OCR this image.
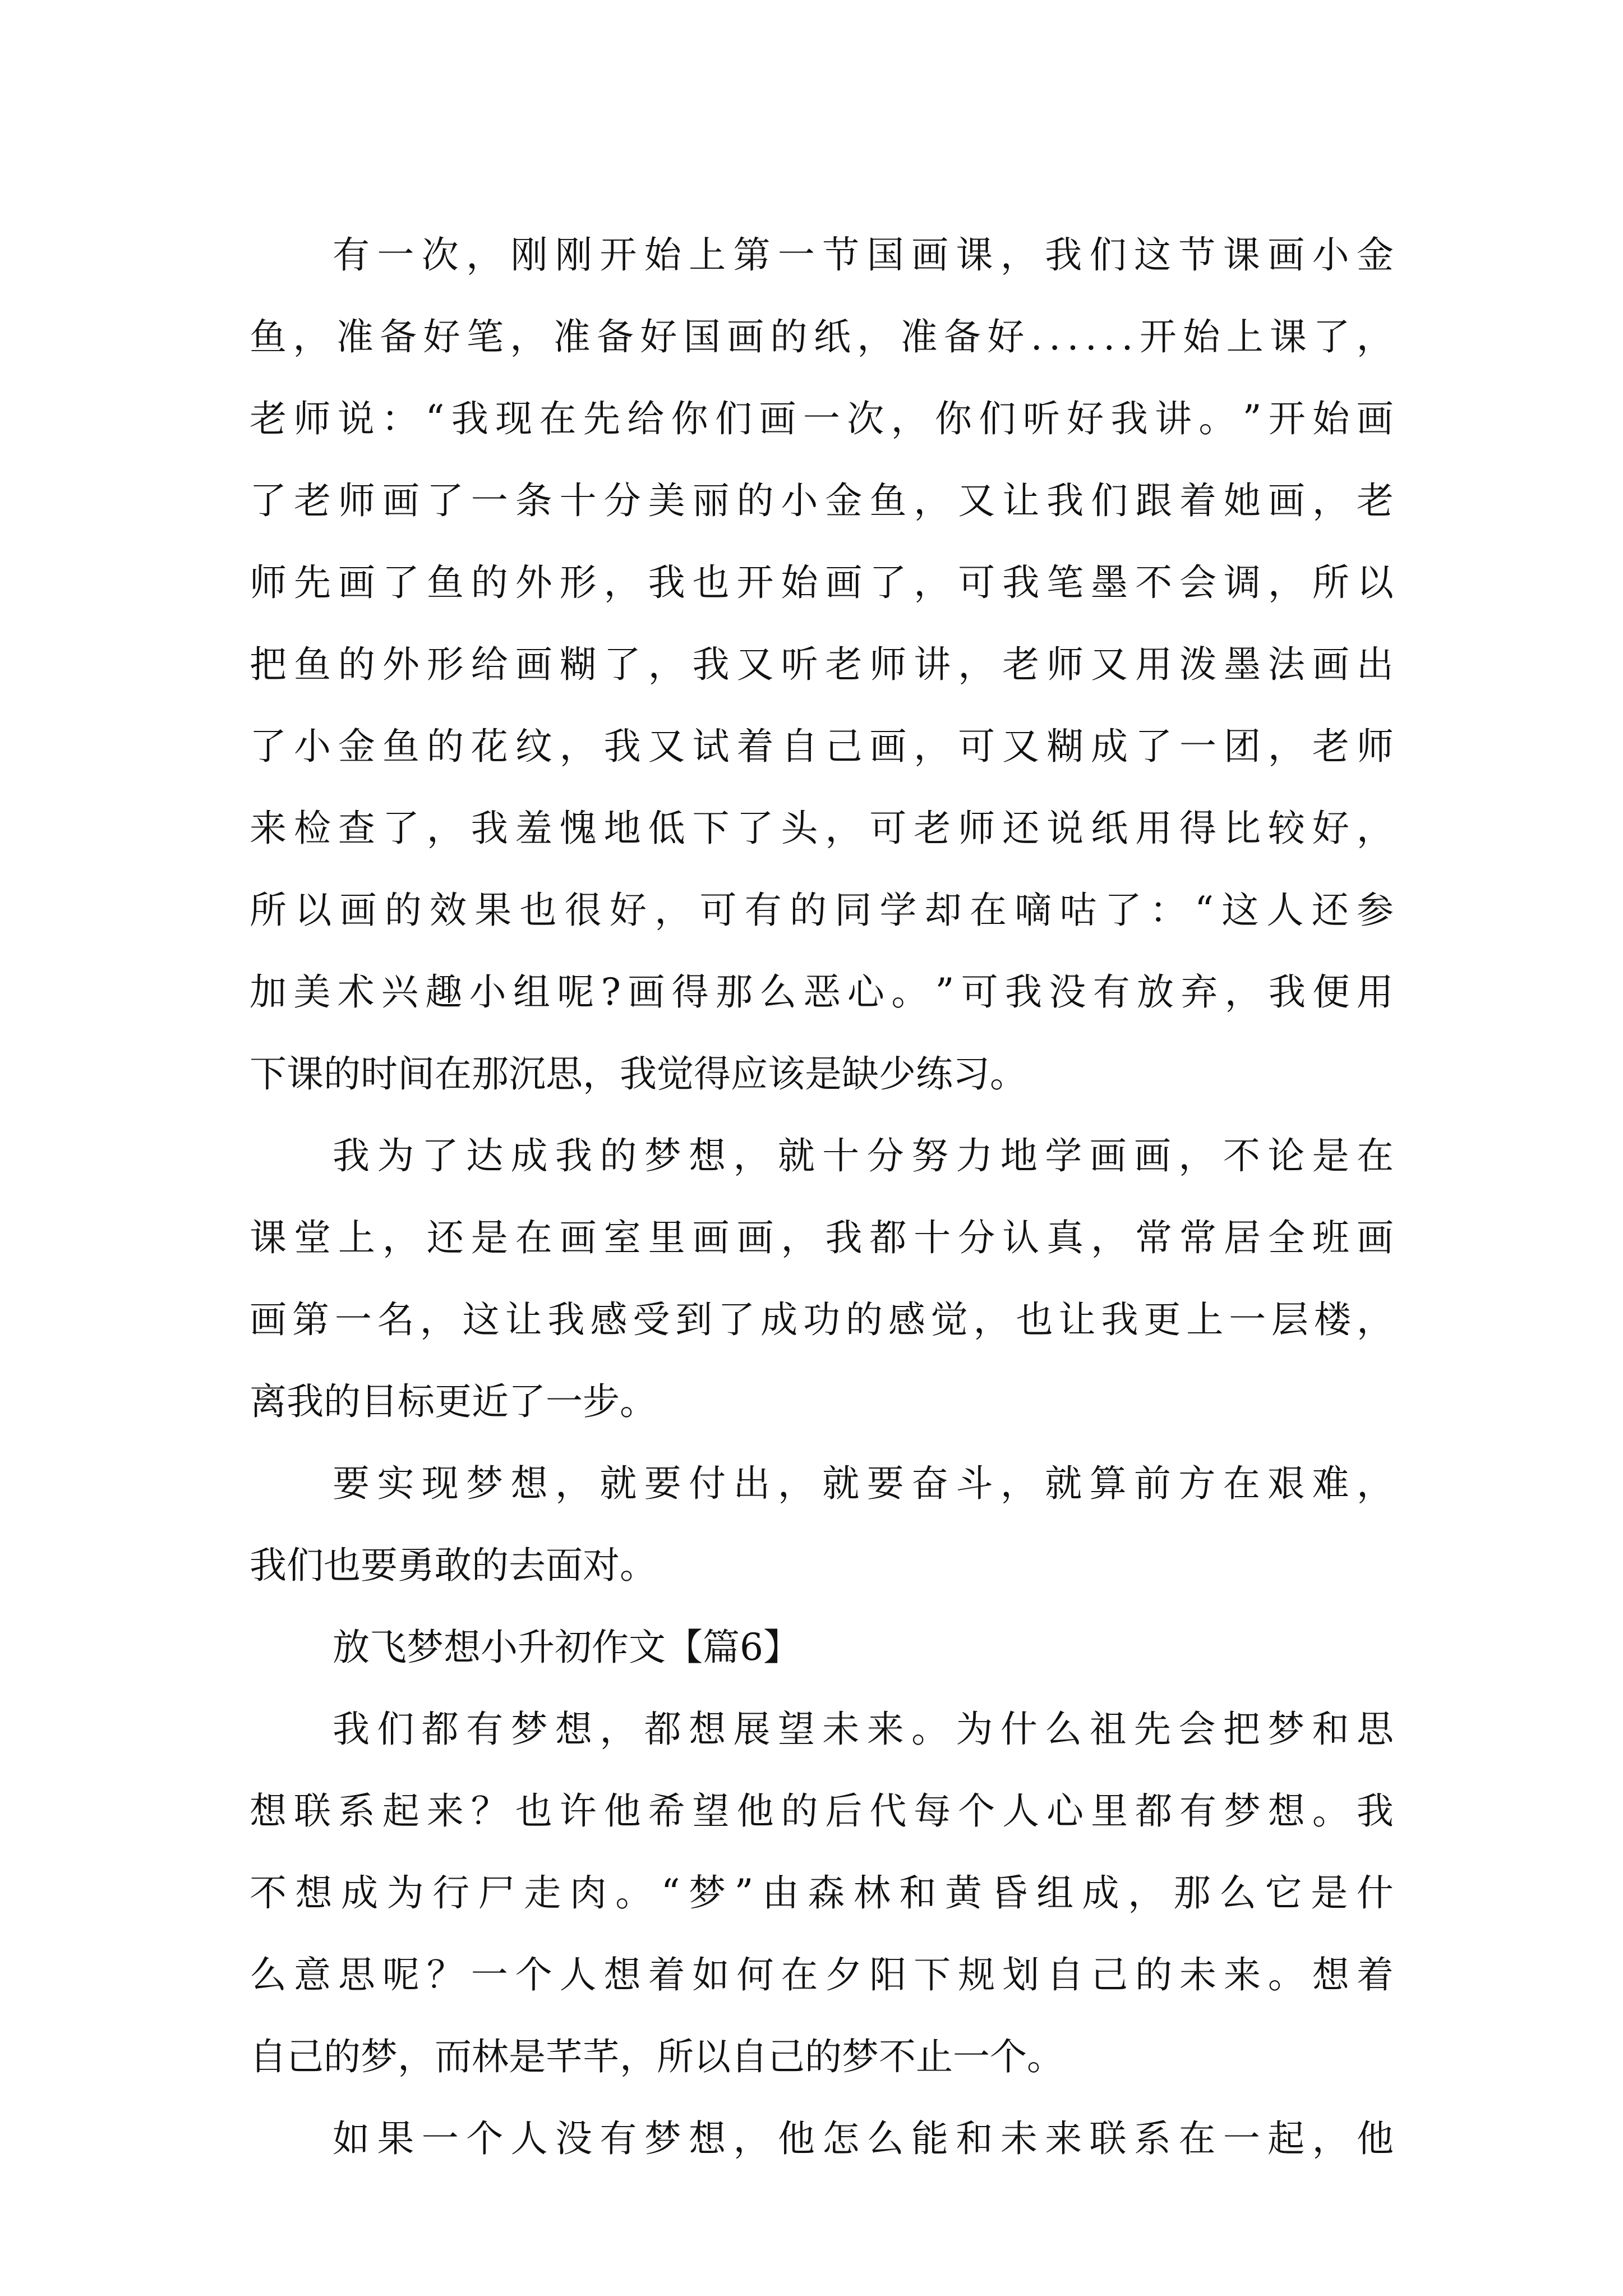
有 一 次 ， 刚 刚 开 始 上 第 一 节 国 画 课 ， 我 们 这 节 课 画 小 金
鱼 ， 准 备 好 笔 ， 准 备 好 国 画 的 纸 ， 准 备 好 . . . . . . 开 始 上 课 了 ，
老 师 说 ： “ 我 现 在 先 给 你 们 画 一 次 ， 你 们 听 好 我 讲 。 ” 开 始 画
了 老 师 画 了 一 条 十 分 美 丽 的 小 金 鱼 ， 又 让 我 们 跟 着 她 画 ， 老
师 先 画 了 鱼 的 外 形 ， 我 也 开 始 画 了 ， 可 我 笔 墨 不 会 调 ， 所 以
把 鱼 的 外 形 给 画 糊 了 ， 我 又 听 老 师 讲 ， 老 师 又 用 泼 墨 法 画 出
了 小 金 鱼 的 花 纹 ， 我 又 试 着 自 己 画 ， 可 又 糊 成 了 一 团 ， 老 师
来 检 查 了 ， 我 羞 愧 地 低 下 了 头 ， 可 老 师 还 说 纸 用 得 比 较 好 ，
所 以 画 的 效 果 也 很 好 ， 可 有 的 同 学 却 在 嘀 咕 了 ： “ 这 人 还 参
加 美 术 兴 趣 小 组 呢 ? 画 得 那 么 恶 心 。 ” 可 我 没 有 放 弃 ， 我 便 用
下课的时间在那沉思，我觉得应该是缺少练习。
我 为 了 达 成 我 的 梦 想 ， 就 十 分 努 力 地 学 画 画 ， 不 论 是 在
课 堂 上 ， 还 是 在 画 室 里 画 画 ， 我 都 十 分 认 真 ， 常 常 居 全 班 画
画 第 一 名 ， 这 让 我 感 受 到 了 成 功 的 感 觉 ， 也 让 我 更 上 一 层 楼 ，
离我的目标更近了一步。
要 实 现 梦 想 ， 就 要 付 出 ， 就 要 奋 斗 ， 就 算 前 方 在 艰 难 ，
我们也要勇敢的去面对。
放飞梦想小升初作文【篇6】
我 们 都 有 梦 想 ， 都 想 展 望 未 来 。 为 什 么 祖 先 会 把 梦 和 思
想 联 系 起 来 ？ 也 许 他 希 望 他 的 后 代 每 个 人 心 里 都 有 梦 想 。 我
不 想 成 为 行 尸 走 肉 。 “ 梦 ” 由 森 林 和 黄 昏 组 成 ， 那 么 它 是 什
么 意 思 呢 ？ 一 个 人 想 着 如 何 在 夕 阳 下 规 划 自 己 的 未 来 。 想 着
自己的梦，而林是芊芊，所以自己的梦不止一个。
如 果 一 个 人 没 有 梦 想 ， 他 怎 么 能 和 未 来 联 系 在 一 起 ， 他
